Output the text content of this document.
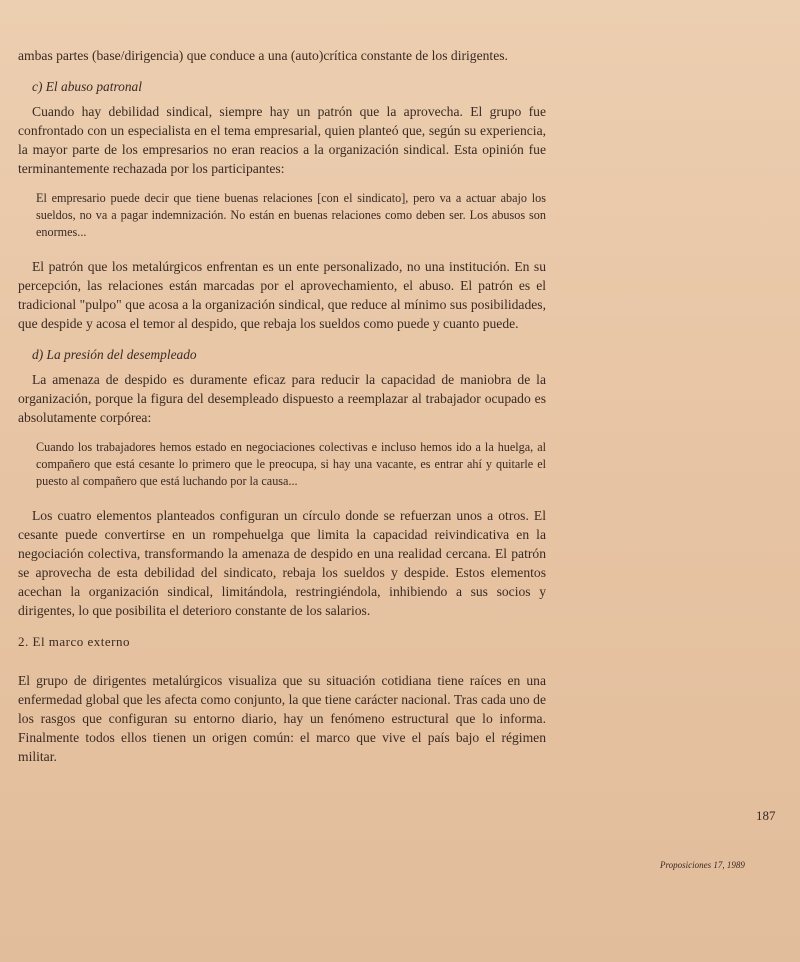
ambas partes (base/dirigencia) que conduce a una (auto)crítica constante de los dirigentes.

c) El abuso patronal

Cuando hay debilidad sindical, siempre hay un patrón que la aprovecha. El grupo fue confrontado con un especialista en el tema empresarial, quien planteó que, según su experiencia, la mayor parte de los empresarios no eran reacios a la organización sindical. Esta opinión fue terminantemente rechazada por los participantes:

El empresario puede decir que tiene buenas relaciones [con el sindicato], pero va a actuar abajo los sueldos, no va a pagar indemnización. No están en buenas relaciones como deben ser. Los abusos son enormes...

El patrón que los metalúrgicos enfrentan es un ente personalizado, no una institución. En su percepción, las relaciones están marcadas por el aprovechamiento, el abuso. El patrón es el tradicional "pulpo" que acosa a la organización sindical, que reduce al mínimo sus posibilidades, que despide y acosa el temor al despido, que rebaja los sueldos como puede y cuanto puede.

d) La presión del desempleado

La amenaza de despido es duramente eficaz para reducir la capacidad de maniobra de la organización, porque la figura del desempleado dispuesto a reemplazar al trabajador ocupado es absolutamente corpórea:

Cuando los trabajadores hemos estado en negociaciones colectivas e incluso hemos ido a la huelga, al compañero que está cesante lo primero que le preocupa, si hay una vacante, es entrar ahí y quitarle el puesto al compañero que está luchando por la causa...

Los cuatro elementos planteados configuran un círculo donde se refuerzan unos a otros. El cesante puede convertirse en un rompehuelga que limita la capacidad reivindicativa en la negociación colectiva, transformando la amenaza de despido en una realidad cercana. El patrón se aprovecha de esta debilidad del sindicato, rebaja los sueldos y despide. Estos elementos acechan la organización sindical, limitándola, restringiéndola, inhibiendo a sus socios y dirigentes, lo que posibilita el deterioro constante de los salarios.

2. El marco externo

El grupo de dirigentes metalúrgicos visualiza que su situación cotidiana tiene raíces en una enfermedad global que les afecta como conjunto, la que tiene carácter nacional. Tras cada uno de los rasgos que configuran su entorno diario, hay un fenómeno estructural que lo informa. Finalmente todos ellos tienen un origen común: el marco que vive el país bajo el régimen militar.

187
Proposiciones 17, 1989
